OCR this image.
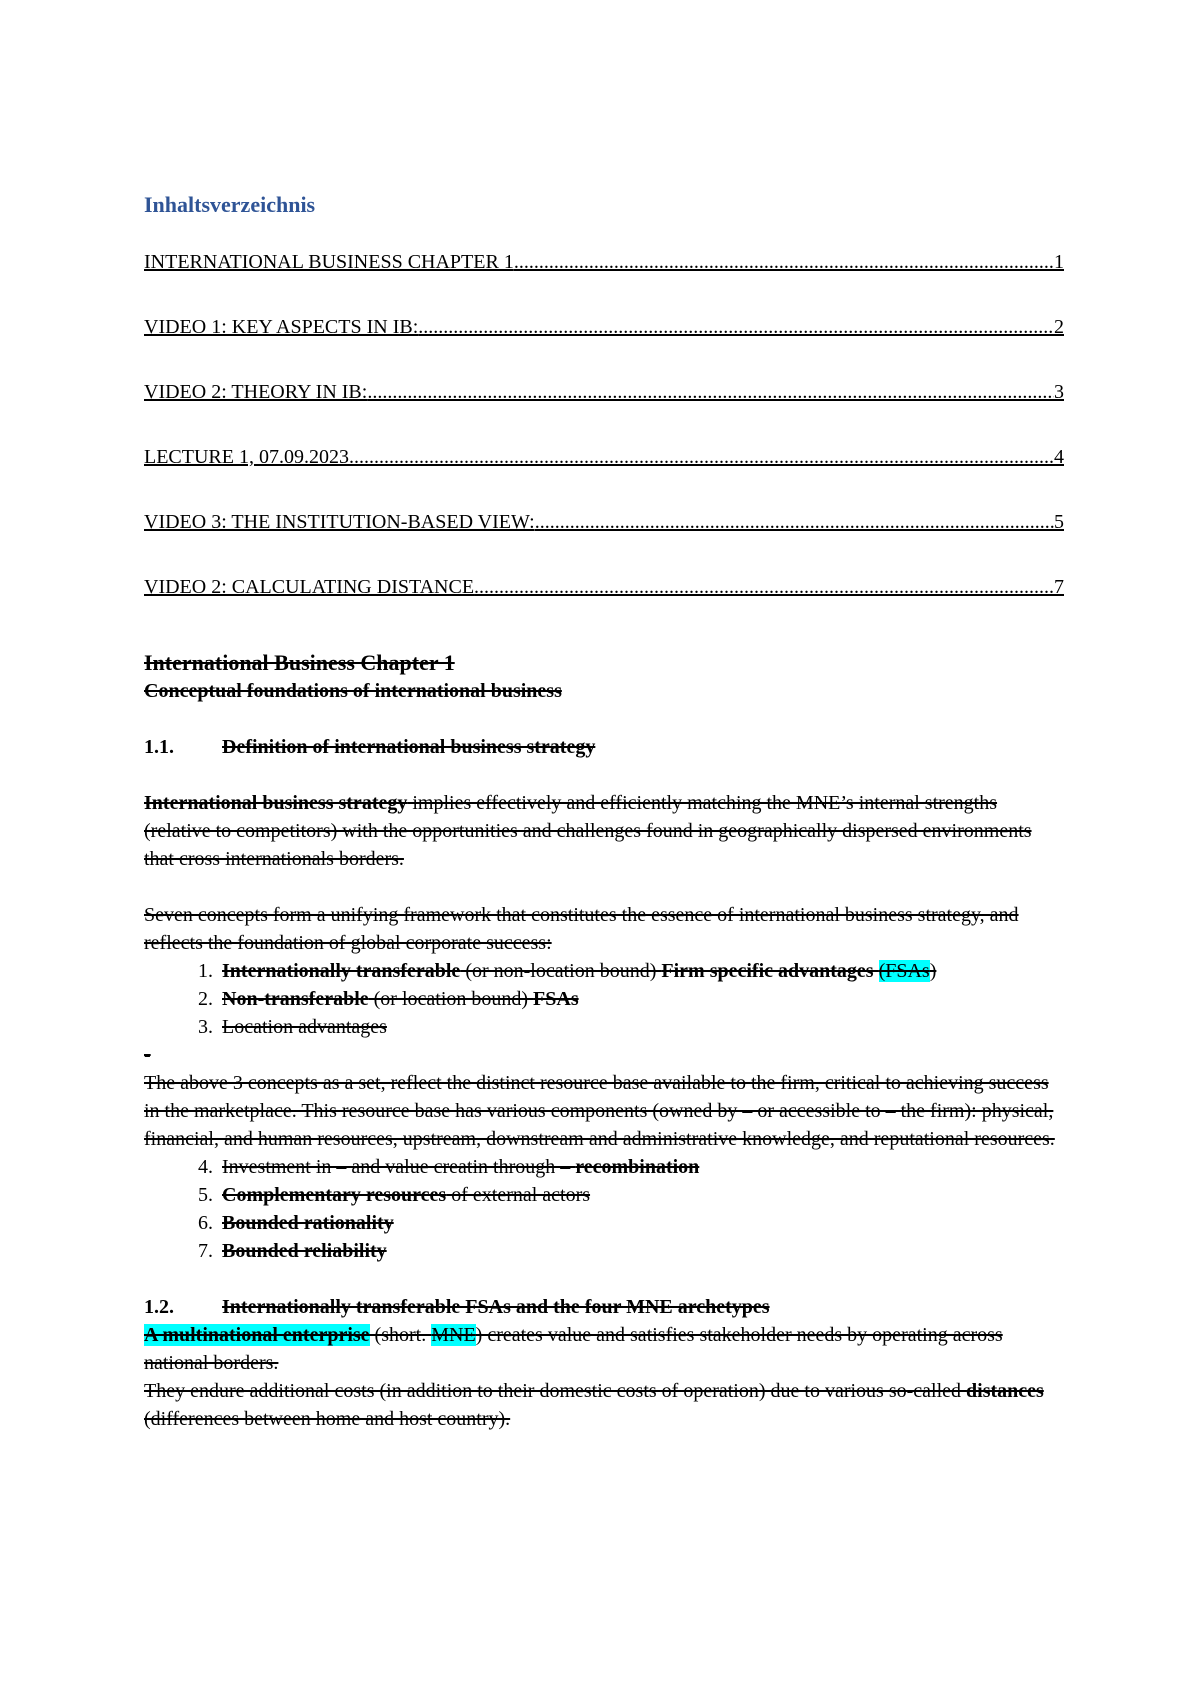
Inhaltsverzeichnis
INTERNATIONAL BUSINESS CHAPTER 1 .....	1
VIDEO 1: KEY ASPECTS IN IB: .....	2
VIDEO 2: THEORY IN IB: .....	3
LECTURE 1, 07.09.2023 .....	4
VIDEO 3: THE INSTITUTION-BASED VIEW: .....	5
VIDEO 2: CALCULATING DISTANCE .....	7
International Business Chapter 1
Conceptual foundations of international business
1.1. Definition of international business strategy
International business strategy implies effectively and efficiently matching the MNE’s internal strengths (relative to competitors) with the opportunities and challenges found in geographically dispersed environments that cross internationals borders.
Seven concepts form a unifying framework that constitutes the essence of international business strategy, and reflects the foundation of global corporate success:
1. Internationally transferable (or non-location bound) Firm specific advantages (FSAs)
2. Non-transferable (or location bound) FSAs
3. Location advantages
-
The above 3 concepts as a set, reflect the distinct resource base available to the firm, critical to achieving success in the marketplace. This resource base has various components (owned by – or accessible to – the firm): physical, financial, and human resources, upstream, downstream and administrative knowledge, and reputational resources.
4. Investment in – and value creatin through – recombination
5. Complementary resources of external actors
6. Bounded rationality
7. Bounded reliability
1.2. Internationally transferable FSAs and the four MNE archetypes
A multinational enterprise (short. MNE) creates value and satisfies stakeholder needs by operating across national borders.
They endure additional costs (in addition to their domestic costs of operation) due to various so-called distances (differences between home and host country).
